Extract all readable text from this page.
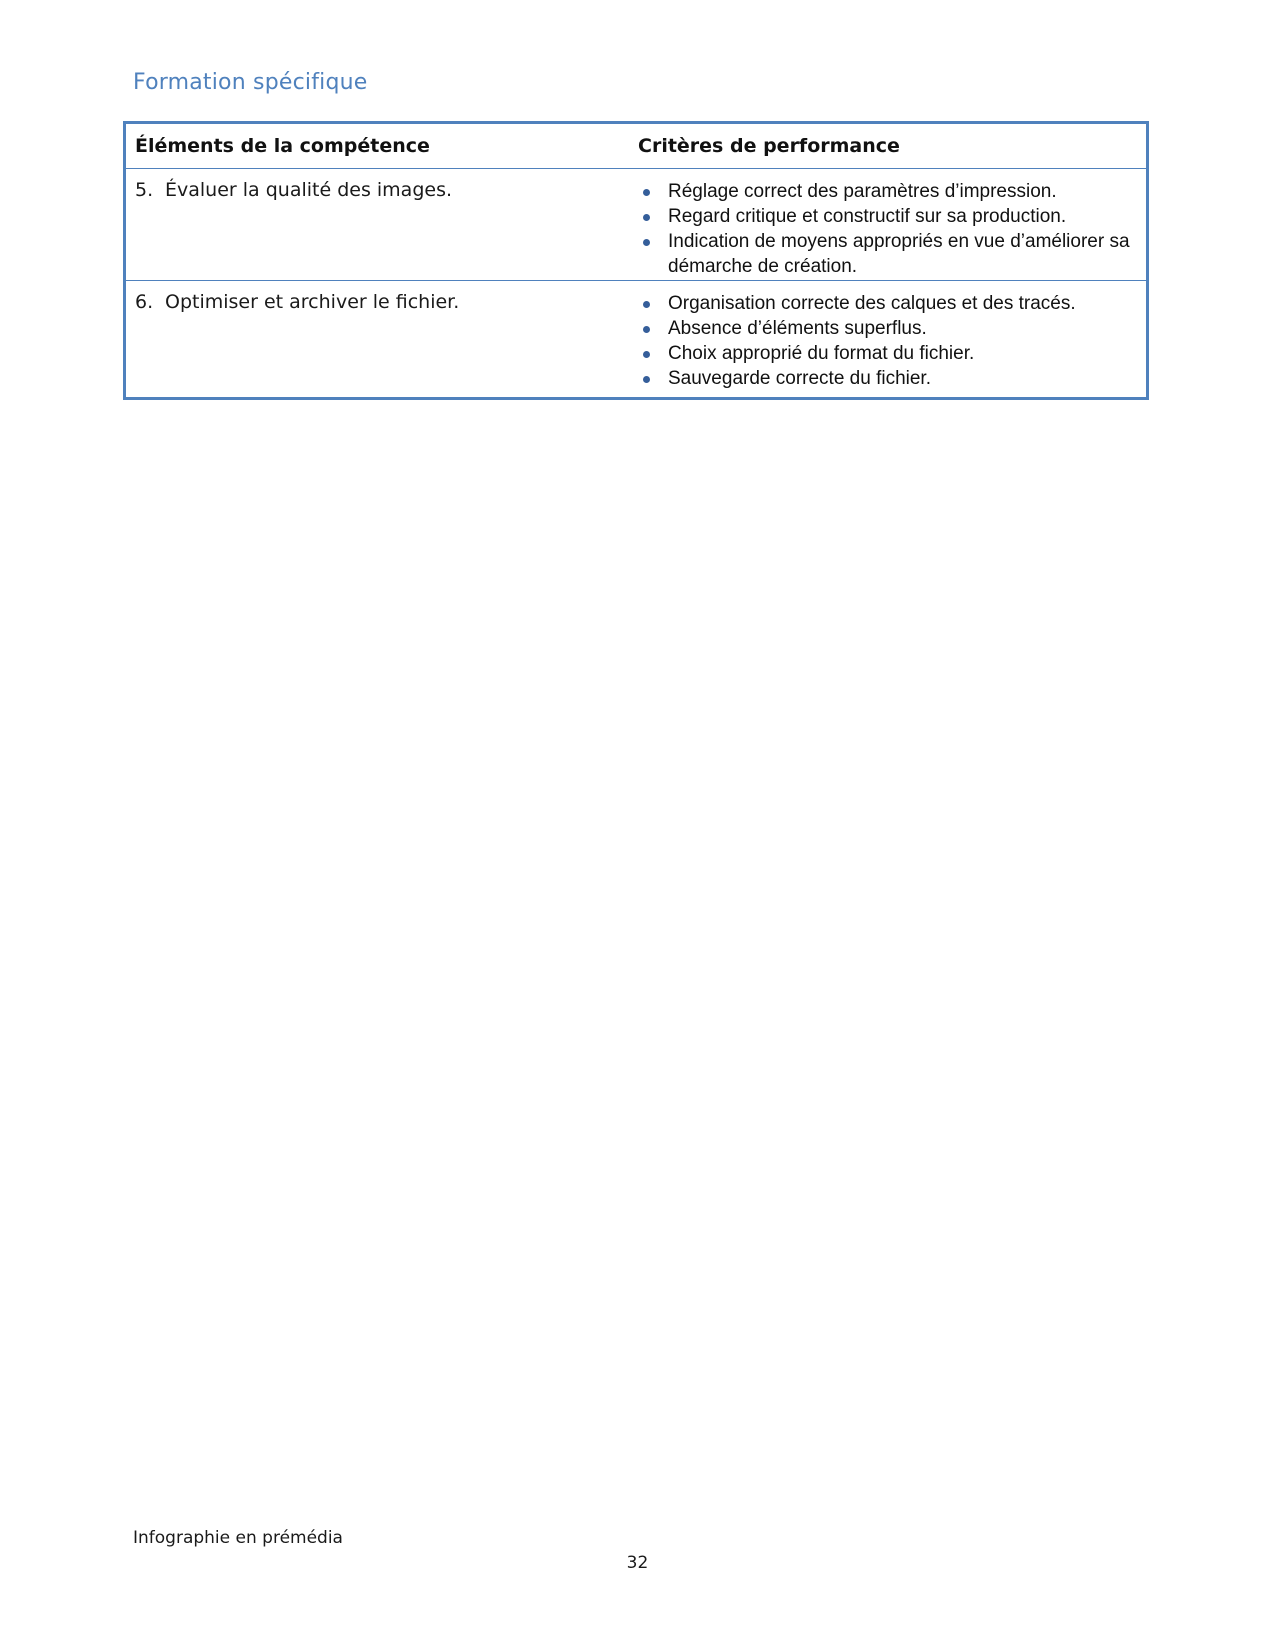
Formation spécifique
Éléments de la compétence	Critères de performance
5. Évaluer la qualité des images.	Réglage correct des paramètres d’impression.
Regard critique et constructif sur sa production.
Indication de moyens appropriés en vue d’améliorer sa démarche de création.
6. Optimiser et archiver le fichier.	Organisation correcte des calques et des tracés.
Absence d’éléments superflus.
Choix approprié du format du fichier.
Sauvegarde correcte du fichier.
Infographie en prémédia
32
